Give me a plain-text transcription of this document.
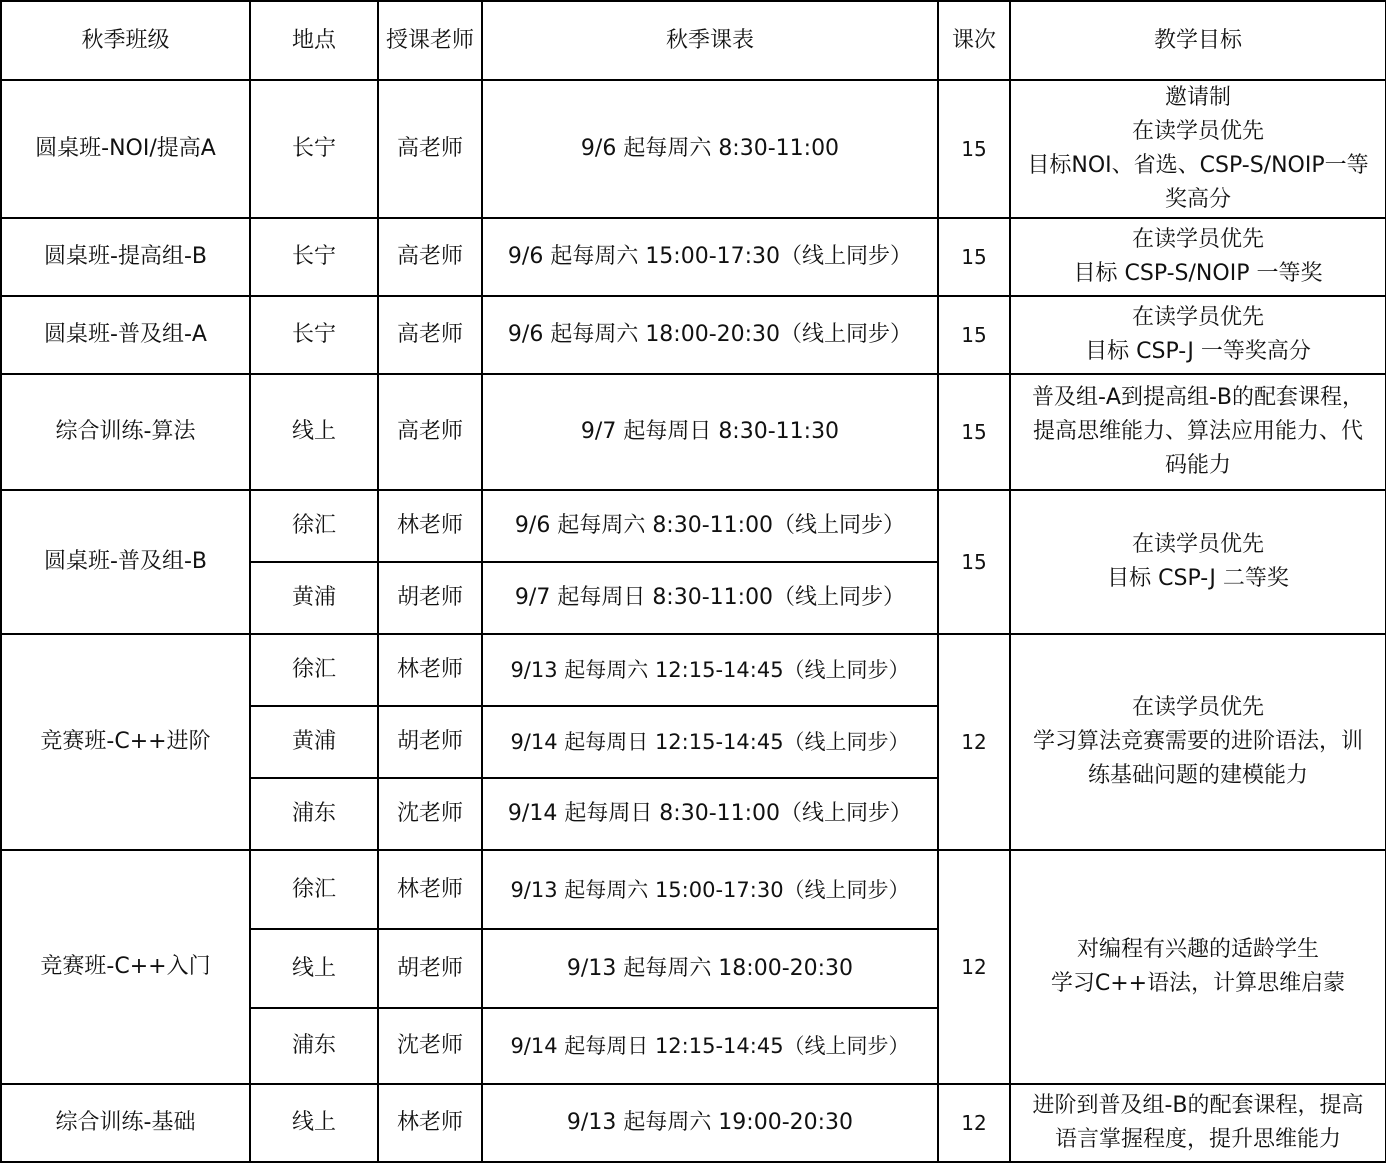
秋季班级	地点	授课老师	秋季课表	课次	教学目标
圆桌班-NOI/提高A	长宁	高老师	9/6 起每周六 8:30-11:00	15	邀请制
在读学员优先
目标NOI、省选、CSP-S/NOIP一等
奖高分

圆桌班-提高组-B	长宁	高老师	9/6 起每周六 15:00-17:30（线上同步）	15	在读学员优先
目标 CSP-S/NOIP 一等奖

圆桌班-普及组-A	长宁	高老师	9/6 起每周六 18:00-20:30（线上同步）	15	在读学员优先
目标 CSP-J 一等奖高分

综合训练-算法	线上	高老师	9/7 起每周日 8:30-11:30	15	普及组-A到提高组-B的配套课程，
提高思维能力、算法应用能力、代
码能力

圆桌班-普及组-B	徐汇	林老师	9/6 起每周六 8:30-11:00（线上同步）	15	在读学员优先
目标 CSP-J 二等奖

	黄浦	胡老师	9/7 起每周日 8:30-11:00（线上同步）		
竞赛班-C++进阶	徐汇	林老师	9/13 起每周六 12:15-14:45（线上同步）	12	在读学员优先
学习算法竞赛需要的进阶语法，训
练基础问题的建模能力

	黄浦	胡老师	9/14 起每周日 12:15-14:45（线上同步）		
	浦东	沈老师	9/14 起每周日 8:30-11:00（线上同步）		
竞赛班-C++入门	徐汇	林老师	9/13 起每周六 15:00-17:30（线上同步）	12	对编程有兴趣的适龄学生
学习C++语法，计算思维启蒙

	线上	胡老师	9/13 起每周六 18:00-20:30		
	浦东	沈老师	9/14 起每周日 12:15-14:45（线上同步）		
综合训练-基础	线上	林老师	9/13 起每周六 19:00-20:30	12	进阶到普及组-B的配套课程，提高
语言掌握程度，提升思维能力
